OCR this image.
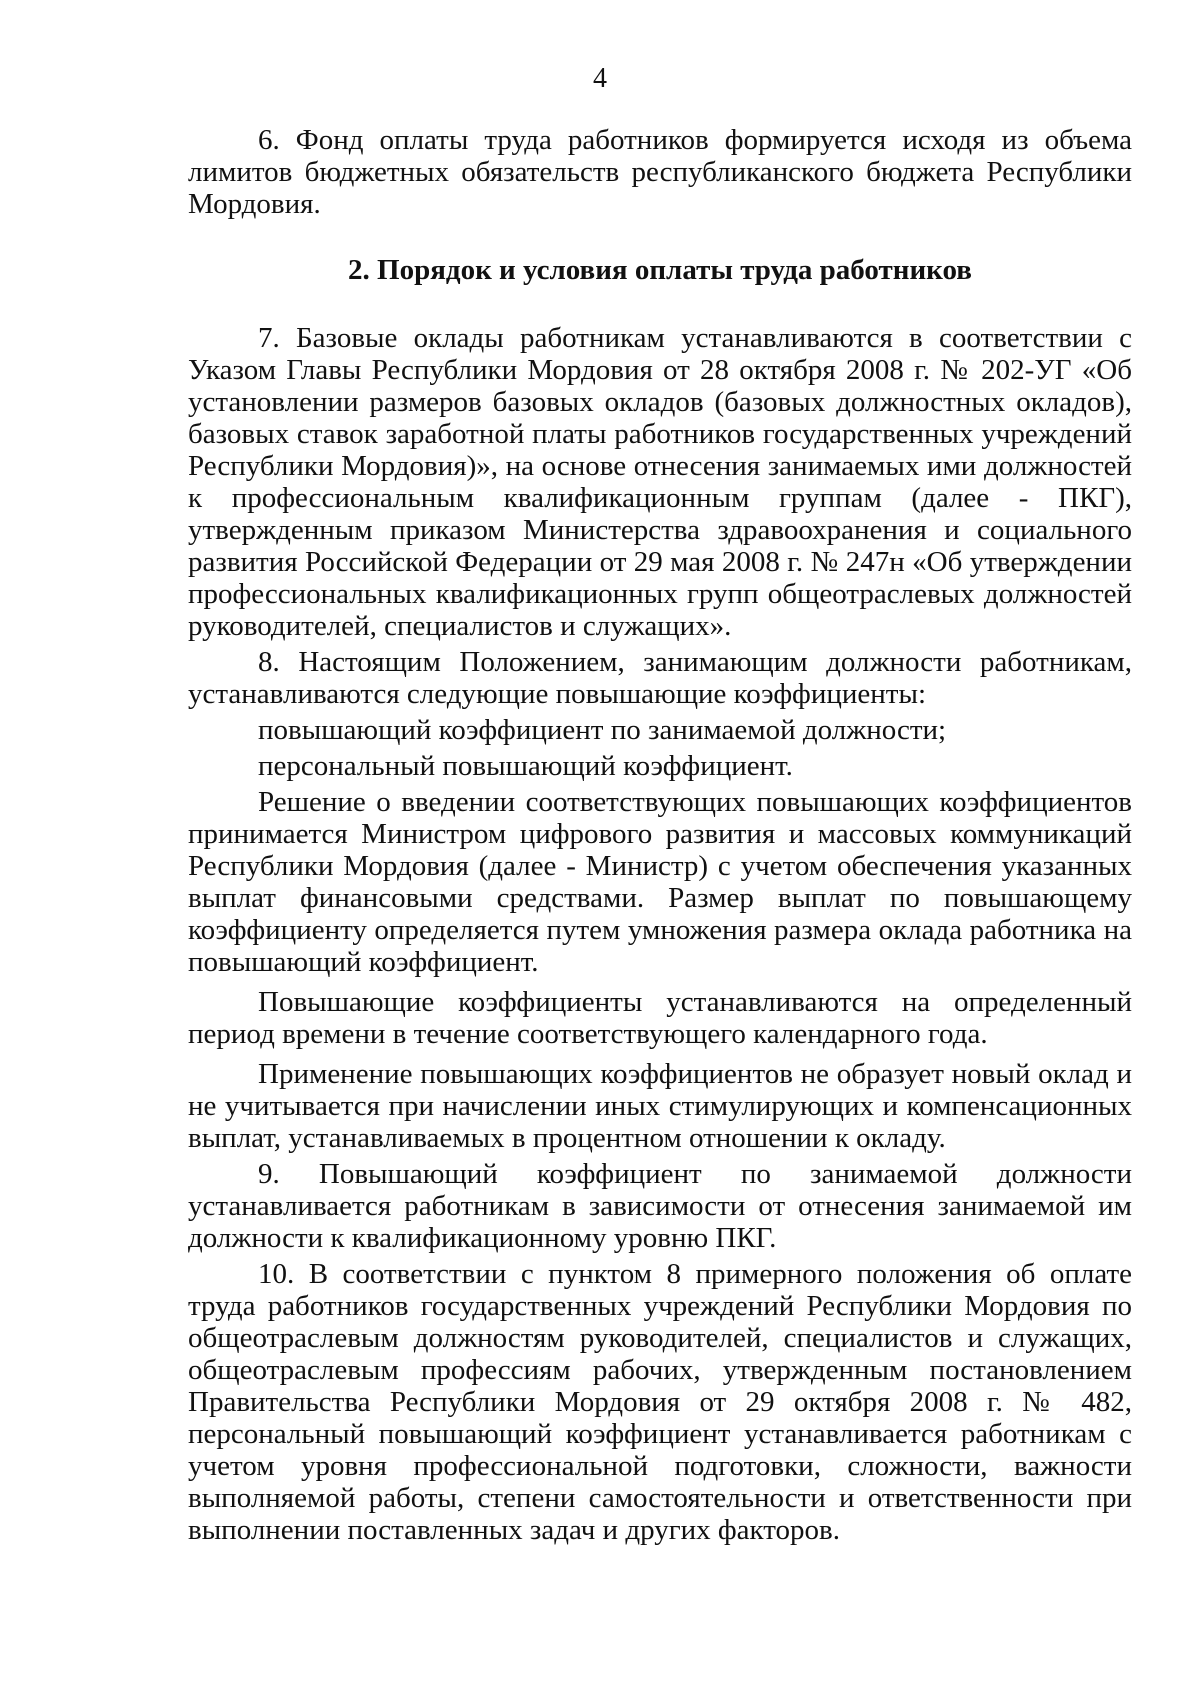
4

6. Фонд оплаты труда работников формируется исходя из объема лимитов бюджетных обязательств республиканского бюджета Республики Мордовия.

2. Порядок и условия оплаты труда работников

7. Базовые оклады работникам устанавливаются в соответствии с Указом Главы Республики Мордовия от 28 октября 2008 г. № 202-УГ «Об установлении размеров базовых окладов (базовых должностных окладов), базовых ставок заработной платы работников государственных учреждений Республики Мордовия)», на основе отнесения занимаемых ими должностей к профессиональным квалификационным группам (далее - ПКГ), утвержденным приказом Министерства здравоохранения и социального развития Российской Федерации от 29 мая 2008 г. № 247н «Об утверждении профессиональных квалификационных групп общеотраслевых должностей руководителей, специалистов и служащих».

8. Настоящим Положением, занимающим должности работникам, устанавливаются следующие повышающие коэффициенты:

повышающий коэффициент по занимаемой должности;

персональный повышающий коэффициент.

Решение о введении соответствующих повышающих коэффициентов принимается Министром цифрового развития и массовых коммуникаций Республики Мордовия (далее - Министр) с учетом обеспечения указанных выплат финансовыми средствами. Размер выплат по повышающему коэффициенту определяется путем умножения размера оклада работника на повышающий коэффициент.

Повышающие коэффициенты устанавливаются на определенный период времени в течение соответствующего календарного года.

Применение повышающих коэффициентов не образует новый оклад и не учитывается при начислении иных стимулирующих и компенсационных выплат, устанавливаемых в процентном отношении к окладу.

9. Повышающий коэффициент по занимаемой должности устанавливается работникам в зависимости от отнесения занимаемой им должности к квалификационному уровню ПКГ.

10. В соответствии с пунктом 8 примерного положения об оплате труда работников государственных учреждений Республики Мордовия по общеотраслевым должностям руководителей, специалистов и служащих, общеотраслевым профессиям рабочих, утвержденным постановлением Правительства Республики Мордовия от 29 октября 2008 г. № 482, персональный повышающий коэффициент устанавливается работникам с учетом уровня профессиональной подготовки, сложности, важности выполняемой работы, степени самостоятельности и ответственности при выполнении поставленных задач и других факторов.
